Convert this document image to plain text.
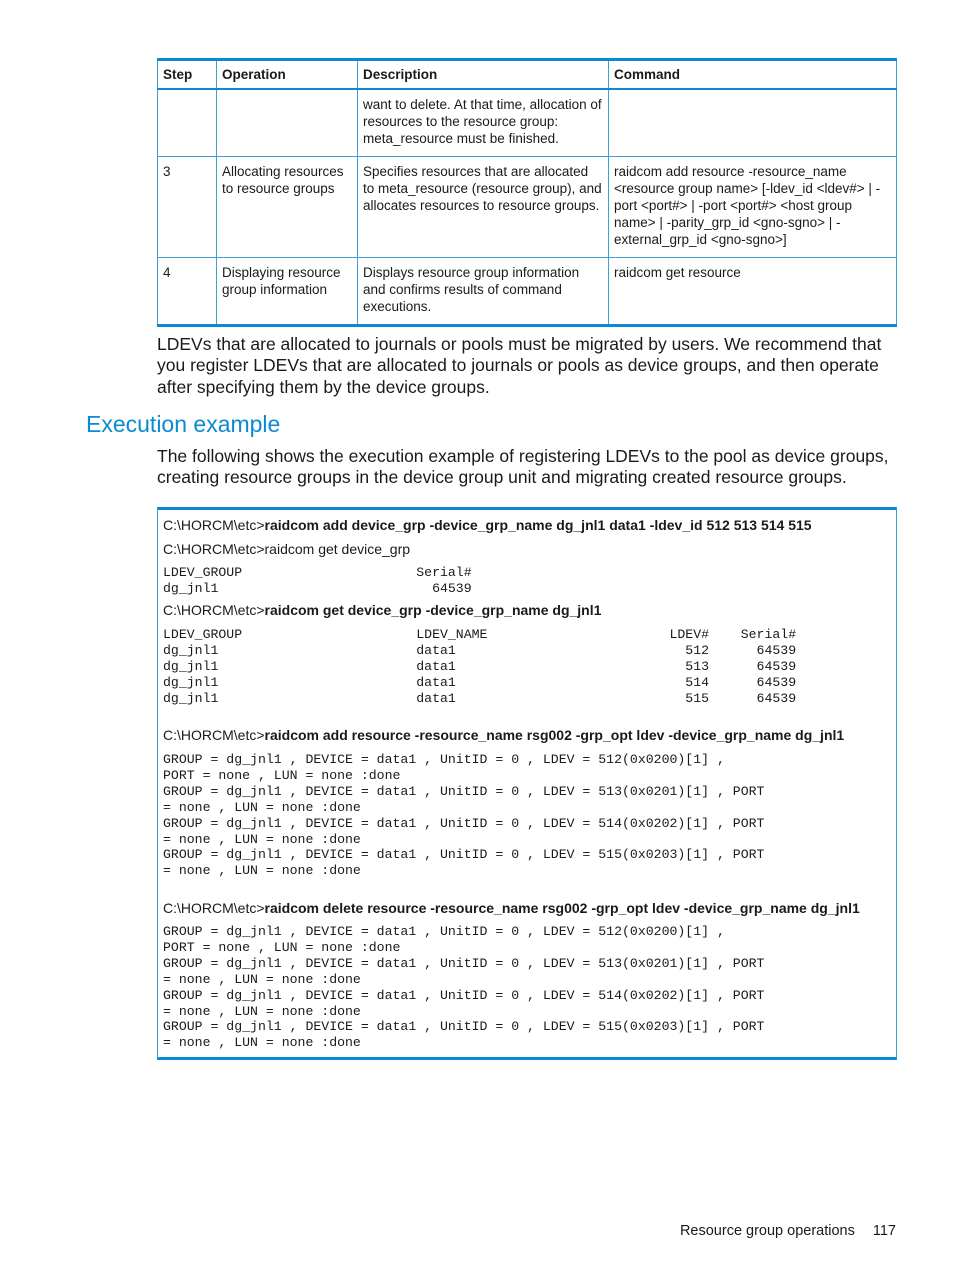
Step	Operation	Description	Command
		want to delete. At that time, allocation of resources to the resource group: meta_resource must be finished.	
3	Allocating resources to resource groups	Specifies resources that are allocated to meta_resource (resource group), and allocates resources to resource groups.	raidcom add resource -resource_name <resource group name> [-ldev_id <ldev#> | -port <port#> | -port <port#> <host group name> | -parity_grp_id <gno-sgno> | -external_grp_id <gno-sgno>]
4	Displaying resource group information	Displays resource group information and confirms results of command executions.	raidcom get resource

LDEVs that are allocated to journals or pools must be migrated by users. We recommend that you register LDEVs that are allocated to journals or pools as device groups, and then operate after specifying them by the device groups.

Execution example

The following shows the execution example of registering LDEVs to the pool as device groups, creating resource groups in the device group unit and migrating created resource groups.

C:\HORCM\etc>raidcom add device_grp -device_grp_name dg_jnl1 data1 -ldev_id 512 513 514 515

C:\HORCM\etc>raidcom get device_grp

LDEV_GROUP                      Serial#
dg_jnl1                           64539

C:\HORCM\etc>raidcom get device_grp -device_grp_name dg_jnl1

LDEV_GROUP                      LDEV_NAME                       LDEV#    Serial#
dg_jnl1                         data1                             512      64539
dg_jnl1                         data1                             513      64539
dg_jnl1                         data1                             514      64539
dg_jnl1                         data1                             515      64539

C:\HORCM\etc>raidcom add resource -resource_name rsg002 -grp_opt ldev -device_grp_name dg_jnl1

GROUP = dg_jnl1 , DEVICE = data1 , UnitID = 0 , LDEV = 512(0x0200)[1] ,
PORT = none , LUN = none :done
GROUP = dg_jnl1 , DEVICE = data1 , UnitID = 0 , LDEV = 513(0x0201)[1] , PORT
= none , LUN = none :done
GROUP = dg_jnl1 , DEVICE = data1 , UnitID = 0 , LDEV = 514(0x0202)[1] , PORT
= none , LUN = none :done
GROUP = dg_jnl1 , DEVICE = data1 , UnitID = 0 , LDEV = 515(0x0203)[1] , PORT
= none , LUN = none :done

C:\HORCM\etc>raidcom delete resource -resource_name rsg002 -grp_opt ldev -device_grp_name dg_jnl1

GROUP = dg_jnl1 , DEVICE = data1 , UnitID = 0 , LDEV = 512(0x0200)[1] ,
PORT = none , LUN = none :done
GROUP = dg_jnl1 , DEVICE = data1 , UnitID = 0 , LDEV = 513(0x0201)[1] , PORT
= none , LUN = none :done
GROUP = dg_jnl1 , DEVICE = data1 , UnitID = 0 , LDEV = 514(0x0202)[1] , PORT
= none , LUN = none :done
GROUP = dg_jnl1 , DEVICE = data1 , UnitID = 0 , LDEV = 515(0x0203)[1] , PORT
= none , LUN = none :done
Resource group operations 117
